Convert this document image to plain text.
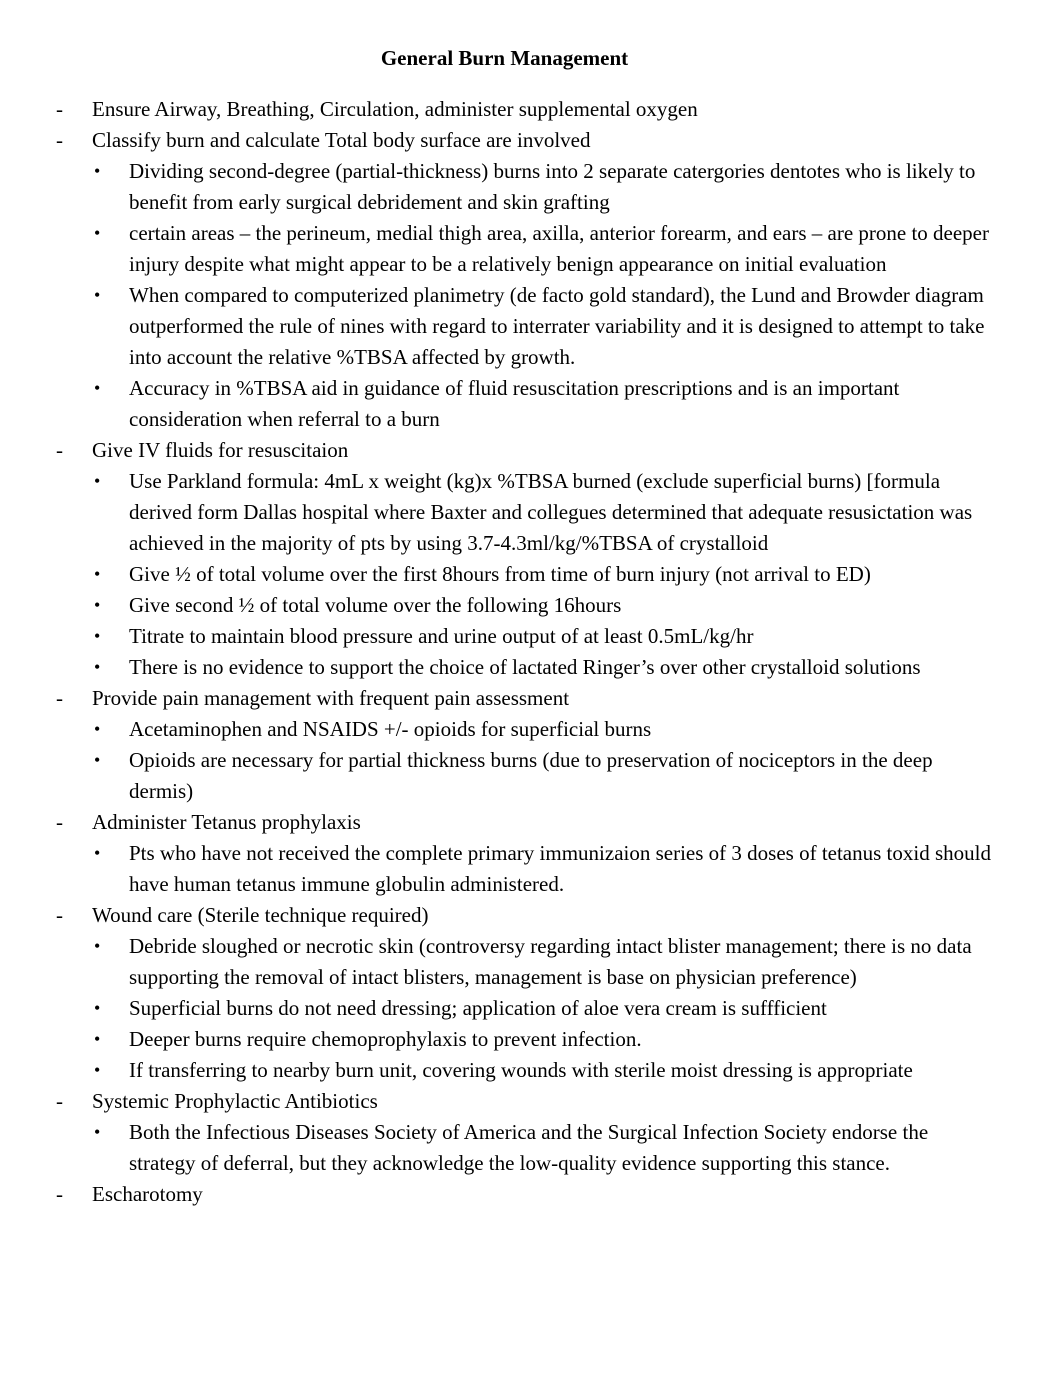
General Burn Management
- Ensure Airway, Breathing, Circulation, administer supplemental oxygen
- Classify burn and calculate Total body surface are involved
• Dividing second-degree (partial-thickness) burns into 2 separate catergories dentotes who is likely to benefit from early surgical debridement and skin grafting
• certain areas – the perineum, medial thigh area, axilla, anterior forearm, and ears – are prone to deeper injury despite what might appear to be a relatively benign appearance on initial evaluation
• When compared to computerized planimetry (de facto gold standard), the Lund and Browder diagram outperformed the rule of nines with regard to interrater variability and it is designed to attempt to take into account the relative %TBSA affected by growth.
• Accuracy in %TBSA aid in guidance of fluid resuscitation prescriptions and is an important consideration when referral to a burn
- Give IV fluids for resuscitaion
• Use Parkland formula: 4mL x weight (kg)x %TBSA burned (exclude superficial burns) [formula derived form Dallas hospital where Baxter and collegues determined that adequate resusictation was achieved in the majority of pts by using 3.7-4.3ml/kg/%TBSA of crystalloid
• Give ½ of total volume over the first 8hours from time of burn injury (not arrival to ED)
• Give second ½ of total volume over the following 16hours
• Titrate to maintain blood pressure and urine output of at least 0.5mL/kg/hr
• There is no evidence to support the choice of lactated Ringer’s over other crystalloid solutions
- Provide pain management with frequent pain assessment
• Acetaminophen and NSAIDS +/- opioids for superficial burns
• Opioids are necessary for partial thickness burns (due to preservation of nociceptors in the deep dermis)
- Administer Tetanus prophylaxis
• Pts who have not received the complete primary immunizaion series of 3 doses of tetanus toxid should have human tetanus immune globulin administered.
- Wound care (Sterile technique required)
• Debride sloughed or necrotic skin (controversy regarding intact blister management; there is no data supporting the removal of intact blisters, management is base on physician preference)
• Superficial burns do not need dressing; application of aloe vera cream is suffficient
• Deeper burns require chemoprophylaxis to prevent infection.
• If transferring to nearby burn unit, covering wounds with sterile moist dressing is appropriate
- Systemic Prophylactic Antibiotics
• Both the Infectious Diseases Society of America and the Surgical Infection Society endorse the strategy of deferral, but they acknowledge the low-quality evidence supporting this stance.
- Escharotomy
